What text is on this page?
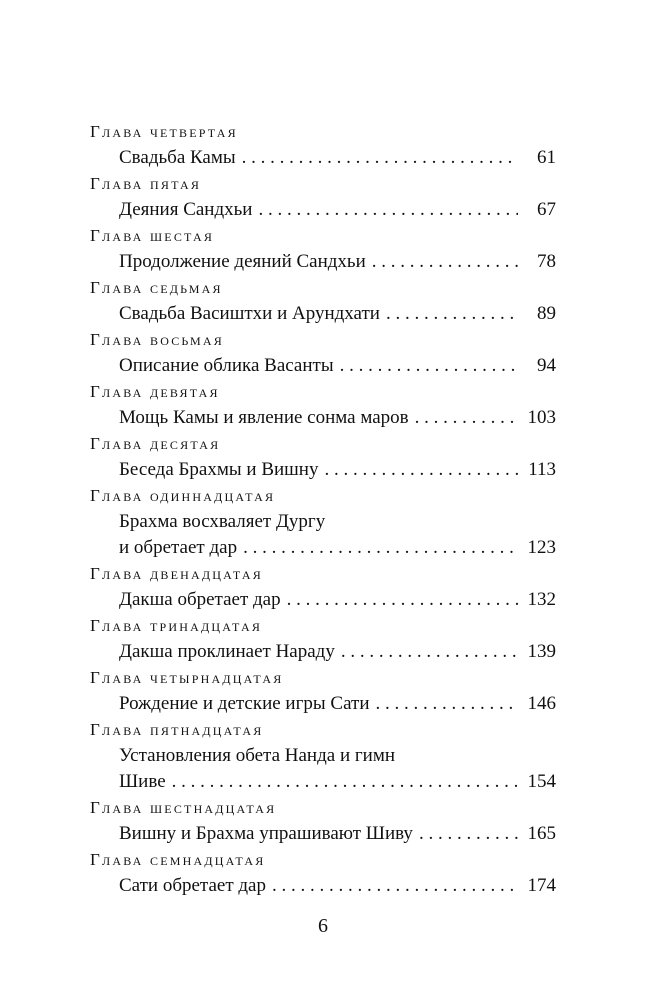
Глава четвертая
Свадьба Камы . . .	61
Глава пятая
Деяния Сандхьи . . .	67
Глава шестая
Продолжение деяний Сандхьи . . .	78
Глава седьмая
Свадьба Васиштхи и Арундхати . . .	89
Глава восьмая
Описание облика Васанты . . .	94
Глава девятая
Мощь Камы и явление сонма маров . . .	103
Глава десятая
Беседа Брахмы и Вишну . . .	113
Глава одиннадцатая
Брахма восхваляет Дургу
и обретает дар . . .	123
Глава двенадцатая
Дакша обретает дар . . .	132
Глава тринадцатая
Дакша проклинает Нараду . . .	139
Глава четырнадцатая
Рождение и детские игры Сати . . .	146
Глава пятнадцатая
Установления обета Нанда и гимн
Шиве . . .	154
Глава шестнадцатая
Вишну и Брахма упрашивают Шиву . . .	165
Глава семнадцатая
Сати обретает дар . . .	174
6
